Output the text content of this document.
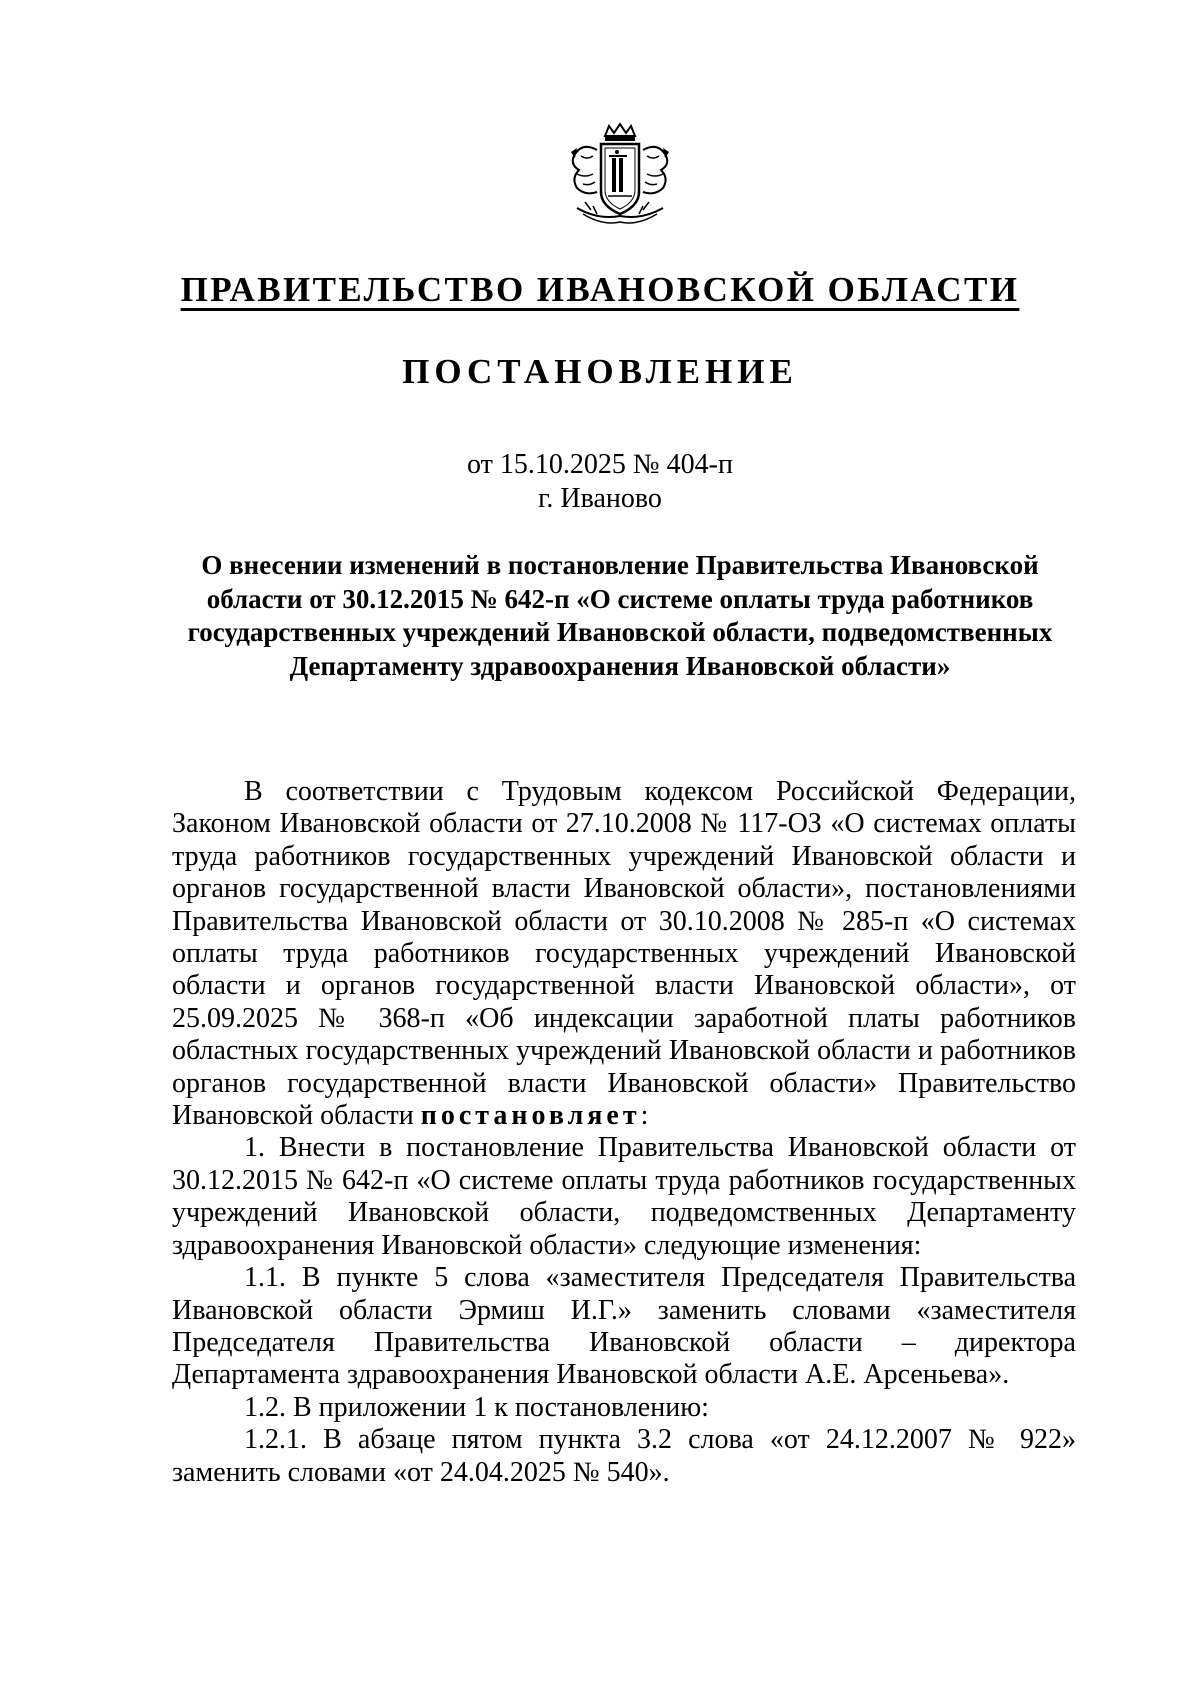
ПРАВИТЕЛЬСТВО ИВАНОВСКОЙ ОБЛАСТИ
ПОСТАНОВЛЕНИЕ
от 15.10.2025 № 404-п
г. Иваново
О внесении изменений в постановление Правительства Ивановской области от 30.12.2015 № 642-п «О системе оплаты труда работников государственных учреждений Ивановской области, подведомственных Департаменту здравоохранения Ивановской области»

В соответствии с Трудовым кодексом Российской Федерации, Законом Ивановской области от 27.10.2008 № 117-ОЗ «О системах оплаты труда работников государственных учреждений Ивановской области и органов государственной власти Ивановской области», постановлениями Правительства Ивановской области от 30.10.2008 № 285-п «О системах оплаты труда работников государственных учреждений Ивановской области и органов государственной власти Ивановской области», от 25.09.2025 № 368-п «Об индексации заработной платы работников областных государственных учреждений Ивановской области и работников органов государственной власти Ивановской области» Правительство Ивановской области постановляет:

1. Внести в постановление Правительства Ивановской области от 30.12.2015 № 642-п «О системе оплаты труда работников государственных учреждений Ивановской области, подведомственных Департаменту здравоохранения Ивановской области» следующие изменения:

1.1. В пункте 5 слова «заместителя Председателя Правительства Ивановской области Эрмиш И.Г.» заменить словами «заместителя Председателя Правительства Ивановской области – директора Департамента здравоохранения Ивановской области А.Е. Арсеньева».

1.2. В приложении 1 к постановлению:

1.2.1. В абзаце пятом пункта 3.2 слова «от 24.12.2007 № 922» заменить словами «от 24.04.2025 № 540».
